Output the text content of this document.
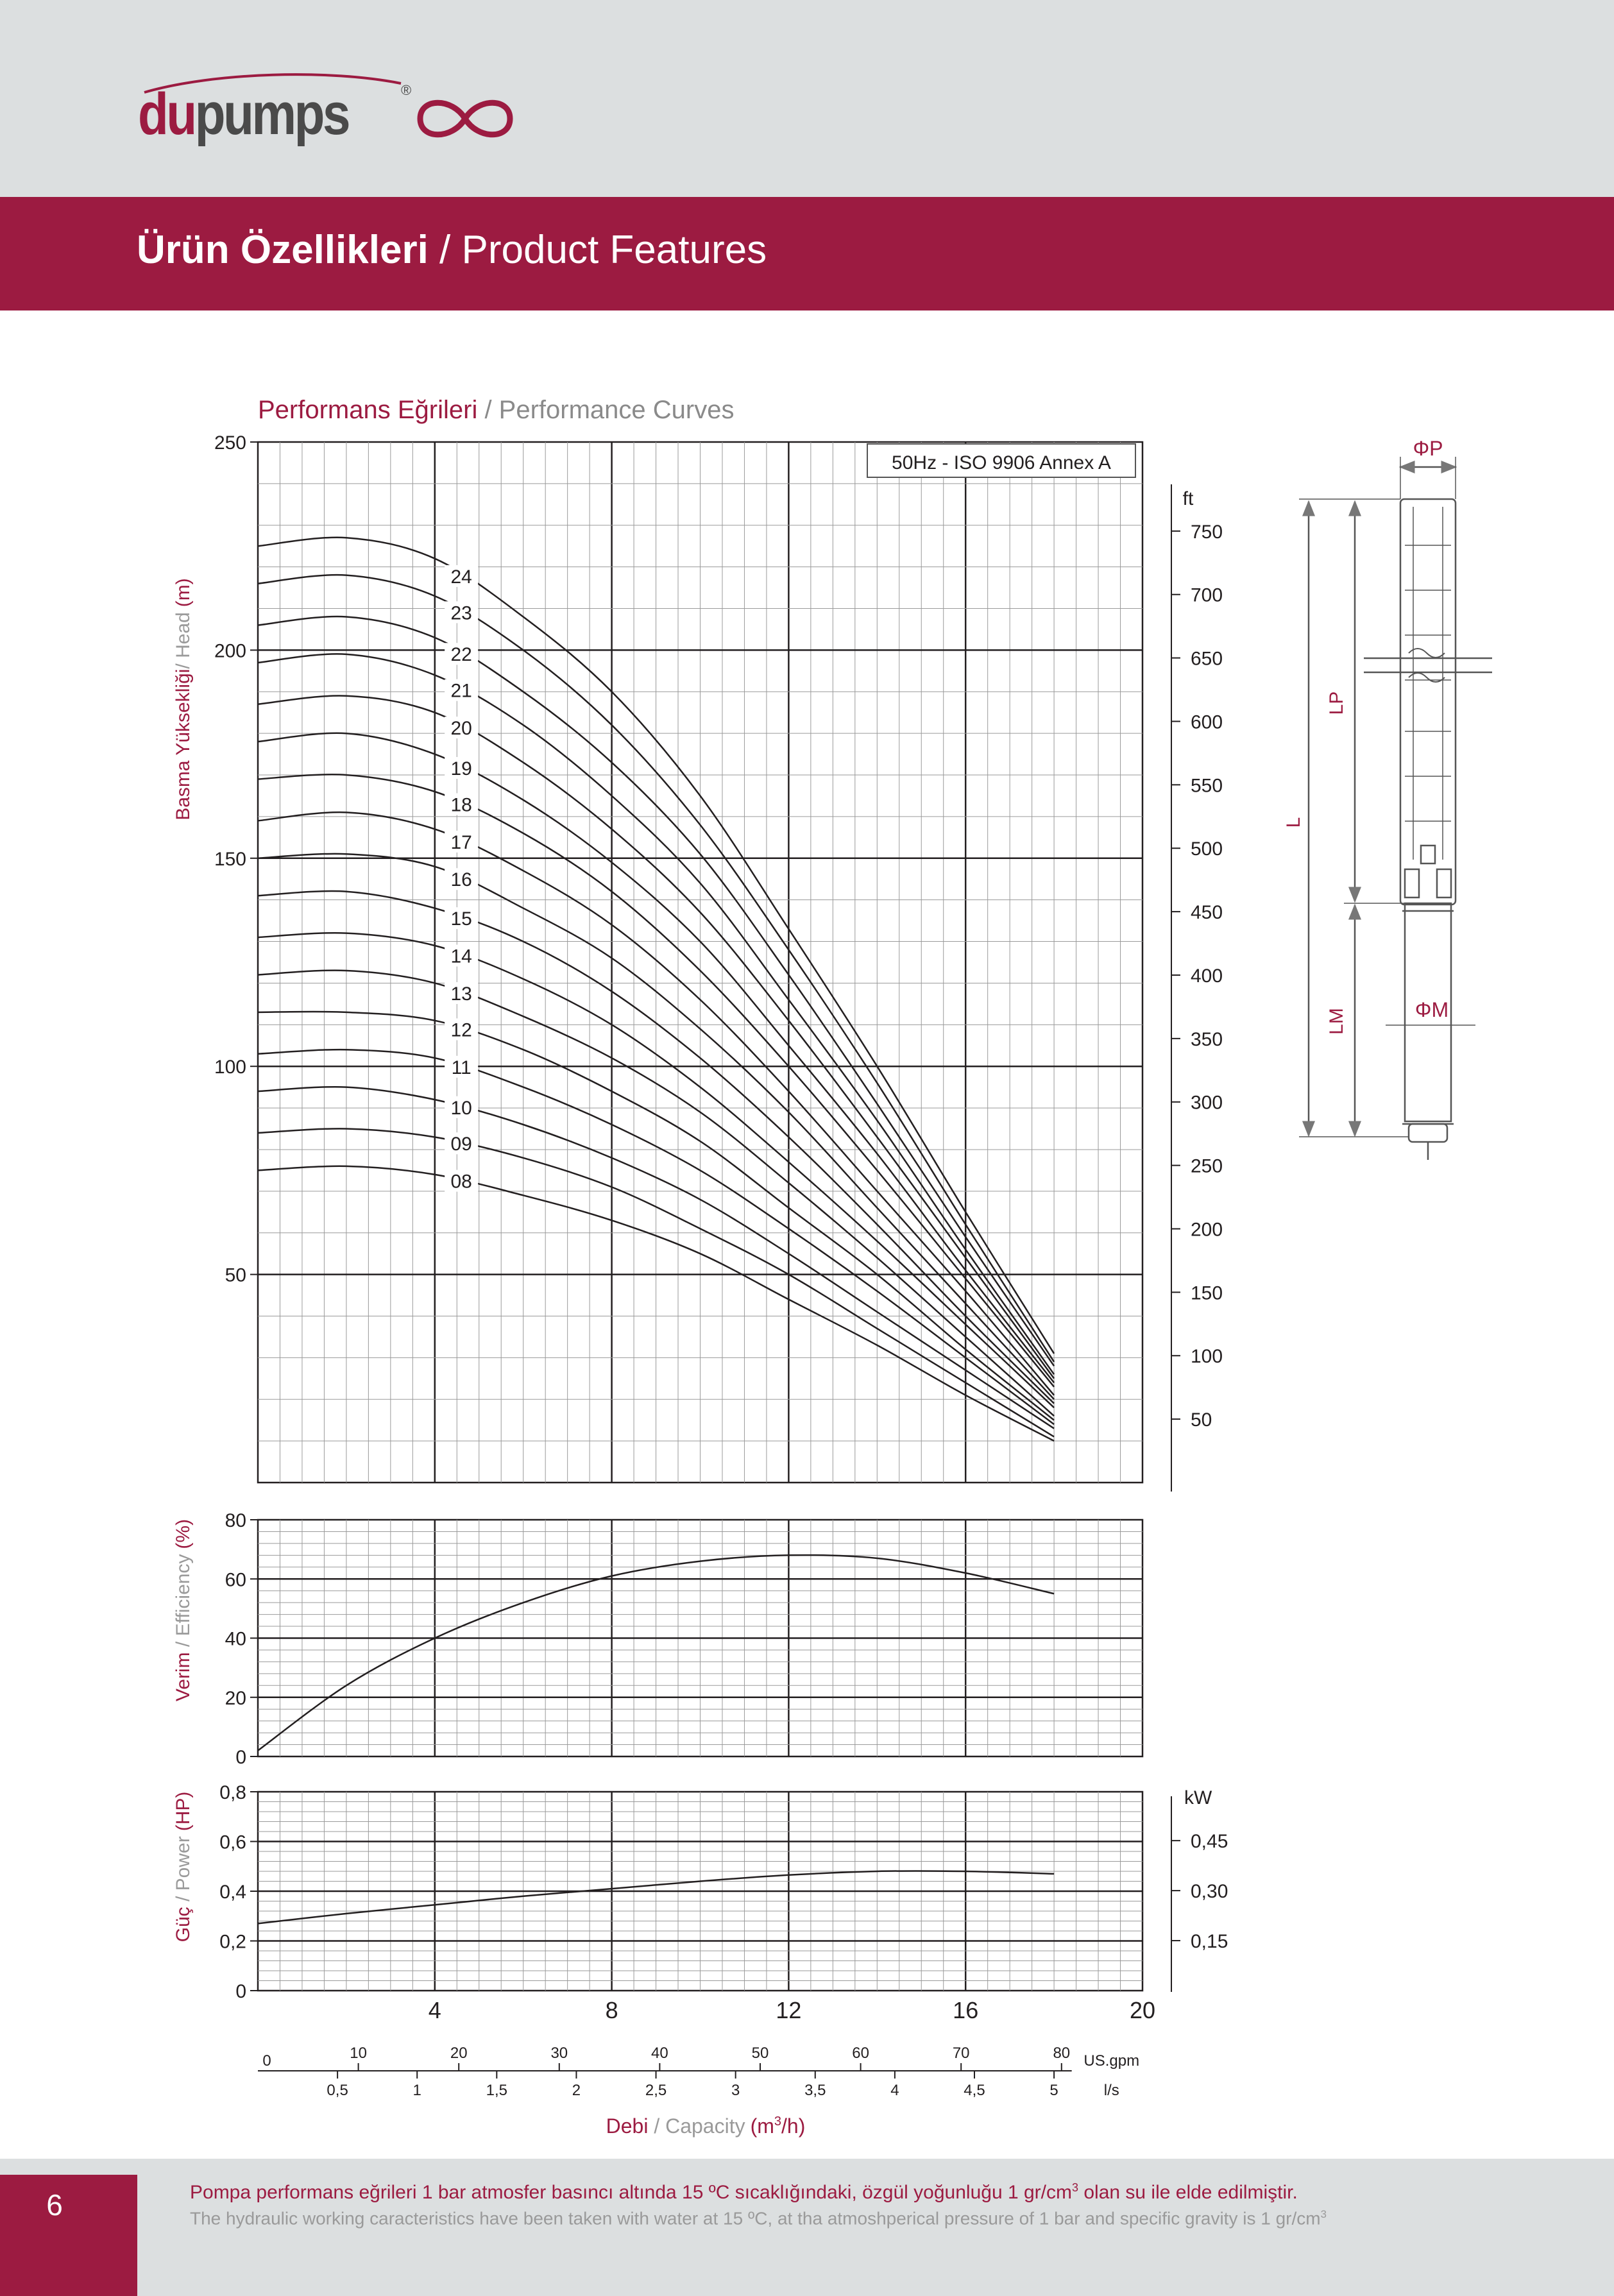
dupumps	®
Ürün Özellikleri / Product Features
Performans Eğrileri / Performance Curves
50Hz - ISO 9906 Annex A
24
23
22
21
20
19
18
17
16
15
14
13
12
11
10
09
08
50
100
150
200
250
0
20
40
60
80
0
0,2
0,4
0,6
0,8
ft
50
100
150
200
250
300
350
400
450
500
550
600
650
700
750
kW
0,15
0,30
0,45
4	8	12	16	20
0	10	20	30	40	50	60	70	80 US.gpm
0,5	1	1,5	2	2,5	3	3,5	4	4,5	5	l/s
Basma Yüksekliği/ Head(m)
Verim / Efficiency(%)
Güç / Power(HP)
Debi / Capacity $(m^3/h)$
ΦP
ΦM
L
LP
LM
6	Pompa performans eğrileri 1 bar atmosfer basıncı altında 15 ºC sıcaklığındaki, özgül yoğunluğu 1 $gr/cm^3$ olan su ile elde edilmiştir.
The hydraulic working caracteristics have been taken with water at 15 ºC, at tha atmoshperical pressure of 1 bar and specific gravity is 1 $gr/cm^3$
